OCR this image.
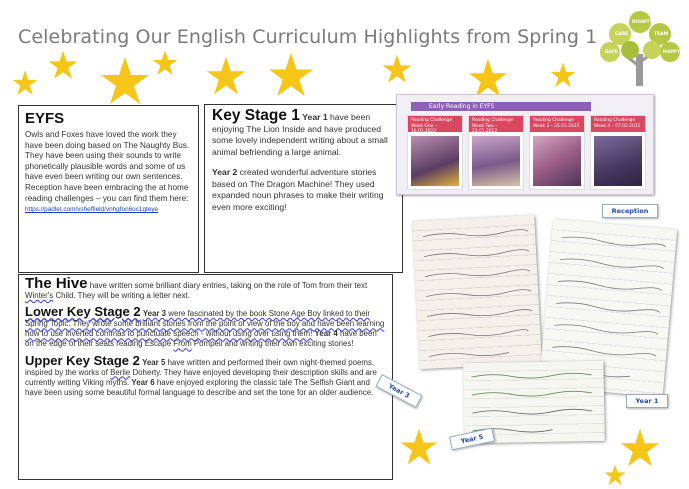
Celebrating Our English Curriculum Highlights from Spring 1
DIGNITY
TEAM
CARE
SAFE	HAPPY
EYFS

Owls and Foxes have loved the work they have been doing based on The Naughty Bus. They have been using their sounds to write phonetically plausible words and some of us have even been writing our own sentences.

Reception have been embracing the at home reading challenges – you can find them here:

https://padlet.com/vsheffield/vnhgfon6oc1gteye

Key Stage 1 Year 1 have been enjoying The Lion Inside and have produced some lovely independent writing about a small animal befriending a large animal.

Year 2 created wonderful adventure stories based on The Dragon Machine! They used expanded noun phrases to make their writing even more exciting!

The Hive have written some brilliant diary entries, taking on the role of Tom from their text Winter's Child. They will be writing a letter next.

Lower Key Stage 2 Year 3 were fascinated by the book Stone Age Boy linked to their Spring Topic. They wrote some brilliant stories from the point of view of the boy and have been learning how to use inverted commas to punctuate speech - without using over using them! Year 4 have been on the edge of their seats reading Escape From Pompeii and writing their own exciting stories!

Upper Key Stage 2 Year 5 have written and performed their own night-themed poems, inspired by the works of Berlie Doherty. They have enjoyed developing their description skills and are currently writing Viking myths. Year 6 have enjoyed exploring the classic tale The Selfish Giant and have been using some beautiful formal language to describe and set the tone for an older audience.

Early Reading in EYFS
Reading Challenge Week One – 16.01.2022
Reading Challenge Week Two – 23.01.2022
Reading Challenge Week 3 – 31.01.2022
Reading Challenge Week 4 – 07.02.2022
Reception
Year 3
Year 1
Year 5
